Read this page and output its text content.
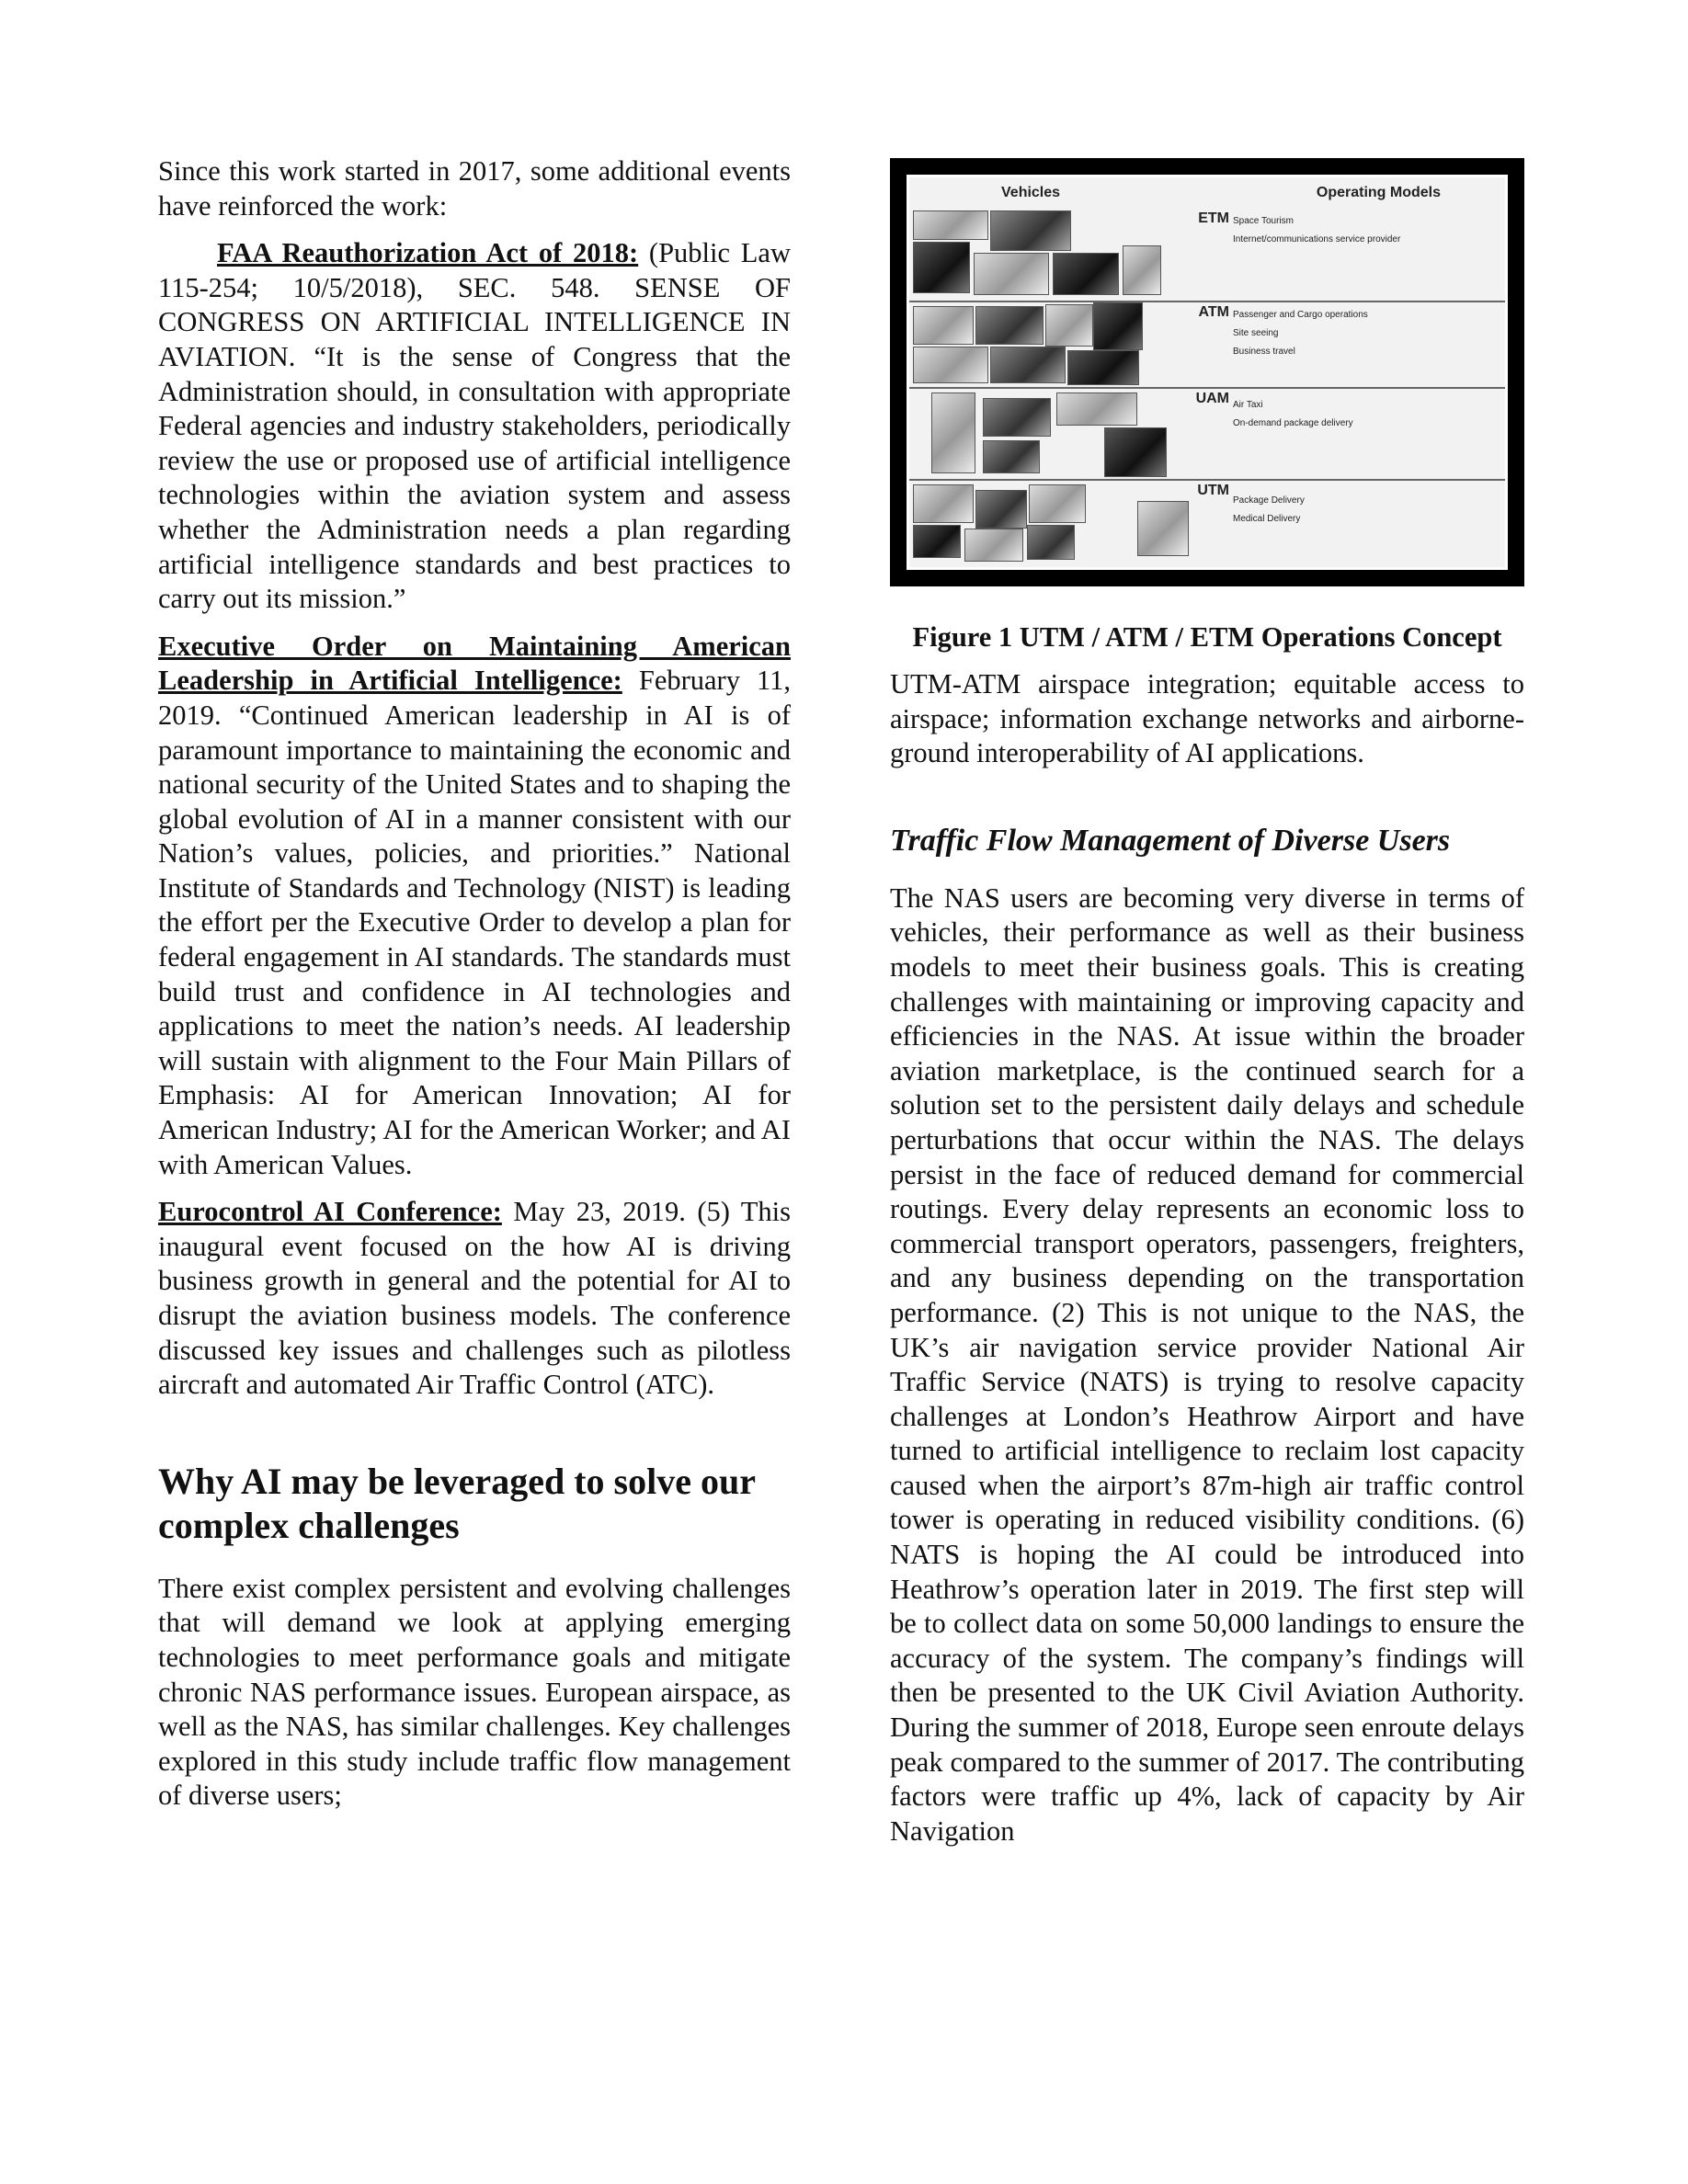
Since this work started in 2017, some additional events have reinforced the work:

FAA Reauthorization Act of 2018: (Public Law 115-254; 10/5/2018), SEC. 548. SENSE OF CONGRESS ON ARTIFICIAL INTELLIGENCE IN AVIATION. “It is the sense of Congress that the Administration should, in consultation with appropriate Federal agencies and industry stakeholders, periodically review the use or proposed use of artificial intelligence technologies within the aviation system and assess whether the Administration needs a plan regarding artificial intelligence standards and best practices to carry out its mission.”

Executive Order on Maintaining American Leadership in Artificial Intelligence: February 11, 2019. “Continued American leadership in AI is of paramount importance to maintaining the economic and national security of the United States and to shaping the global evolution of AI in a manner consistent with our Nation’s values, policies, and priorities.” National Institute of Standards and Technology (NIST) is leading the effort per the Executive Order to develop a plan for federal engagement in AI standards. The standards must build trust and confidence in AI technologies and applications to meet the nation’s needs. AI leadership will sustain with alignment to the Four Main Pillars of Emphasis: AI for American Innovation; AI for American Industry; AI for the American Worker; and AI with American Values.

Eurocontrol AI Conference: May 23, 2019. (5) This inaugural event focused on the how AI is driving business growth in general and the potential for AI to disrupt the aviation business models. The conference discussed key issues and challenges such as pilotless aircraft and automated Air Traffic Control (ATC).

Why AI may be leveraged to solve our complex challenges

There exist complex persistent and evolving challenges that will demand we look at applying emerging technologies to meet performance goals and mitigate chronic NAS performance issues. European airspace, as well as the NAS, has similar challenges. Key challenges explored in this study include traffic flow management of diverse users;

Vehicles	Operating Models
ETM Space Tourism
Internet/communications service provider
ATM Passenger and Cargo operations
Site seeing
Business travel
UAM Air Taxi
On-demand package delivery
UTM
Package Delivery
Medical Delivery
Figure 1 UTM / ATM / ETM Operations Concept

UTM-ATM airspace integration; equitable access to airspace; information exchange networks and airborne-ground interoperability of AI applications.

Traffic Flow Management of Diverse Users

The NAS users are becoming very diverse in terms of vehicles, their performance as well as their business models to meet their business goals. This is creating challenges with maintaining or improving capacity and efficiencies in the NAS. At issue within the broader aviation marketplace, is the continued search for a solution set to the persistent daily delays and schedule perturbations that occur within the NAS. The delays persist in the face of reduced demand for commercial routings. Every delay represents an economic loss to commercial transport operators, passengers, freighters, and any business depending on the transportation performance. (2) This is not unique to the NAS, the UK’s air navigation service provider National Air Traffic Service (NATS) is trying to resolve capacity challenges at London’s Heathrow Airport and have turned to artificial intelligence to reclaim lost capacity caused when the airport’s 87m-high air traffic control tower is operating in reduced visibility conditions. (6) NATS is hoping the AI could be introduced into Heathrow’s operation later in 2019. The first step will be to collect data on some 50,000 landings to ensure the accuracy of the system. The company’s findings will then be presented to the UK Civil Aviation Authority. During the summer of 2018, Europe seen enroute delays peak compared to the summer of 2017. The contributing factors were traffic up 4%, lack of capacity by Air Navigation
